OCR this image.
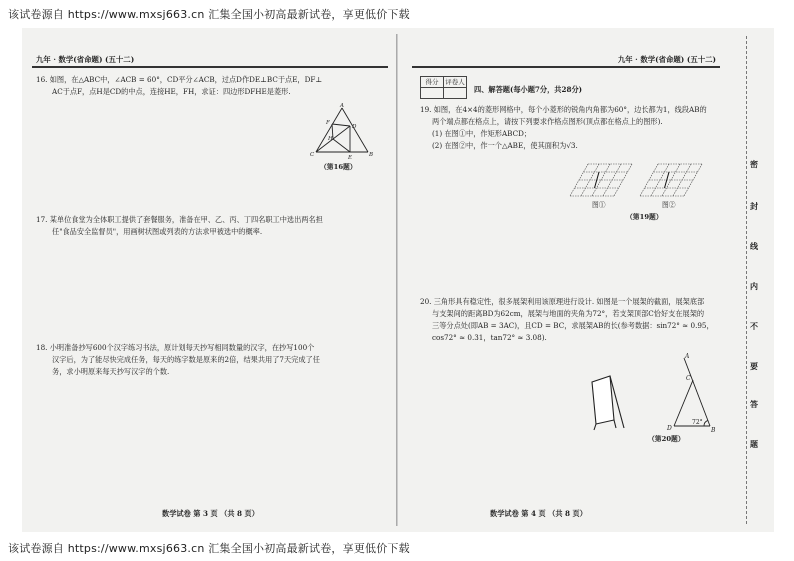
该试卷源自 https://www.mxsj663.cn 汇集全国小初高最新试卷，享更低价下载
九年 · 数学(省命题) (五十二)

16. 如图，在△ABC中，∠ACB = 60°，CD平分∠ACB，过点D作DE⊥BC于点E，DF⊥

AC于点F，点H是CD的中点，连接HE，FH，求证：四边形DFHE是菱形.

A
F
H
D
C	E	B
（第16题）

17. 某单位食堂为全体职工提供了套餐服务，准备在甲、乙、丙、丁四名职工中选出两名担

任"食品安全监督员"，用画树状图或列表的方法求甲被选中的概率.

18. 小明准备抄写600个汉字练习书法，原计划每天抄写相同数量的汉字，在抄写100个

汉字后，为了能尽快完成任务，每天的练字数是原来的2倍，结果共用了7天完成了任

务，求小明原来每天抄写汉字的个数.

数学试卷 第 3 页 （共 8 页）
九年 · 数学(省命题) (五十二)
得分	评卷人

四、解答题(每小题7分，共28分)

19. 如图，在4×4的菱形网格中，每个小菱形的锐角内角都为60°，边长都为1，线段AB的

两个端点都在格点上，请按下列要求作格点图形(顶点都在格点上的图形).

(1) 在图①中，作矩形ABCD；

(2) 在图②中，作一个△ABE，使其面积为√3.

图①	图②
（第19题）

20. 三角形具有稳定性，很多展架利用该原理进行设计. 如图是一个展架的截面，展架底部

与支架间的距离BD为62cm，展架与地面的夹角为72°，若支架顶部C恰好支在展架的

三等分点处(即AB = 3AC)，且CD = BC，求展架AB的长(参考数据：sin72° ≈ 0.95，

cos72° ≈ 0.31，tan72° ≈ 3.08).

A
C
D	B
72°
（第20题）
数学试卷 第 4 页 （共 8 页）
密
封
线
内
不
要
答
题
该试卷源自 https://www.mxsj663.cn 汇集全国小初高最新试卷，享更低价下载
